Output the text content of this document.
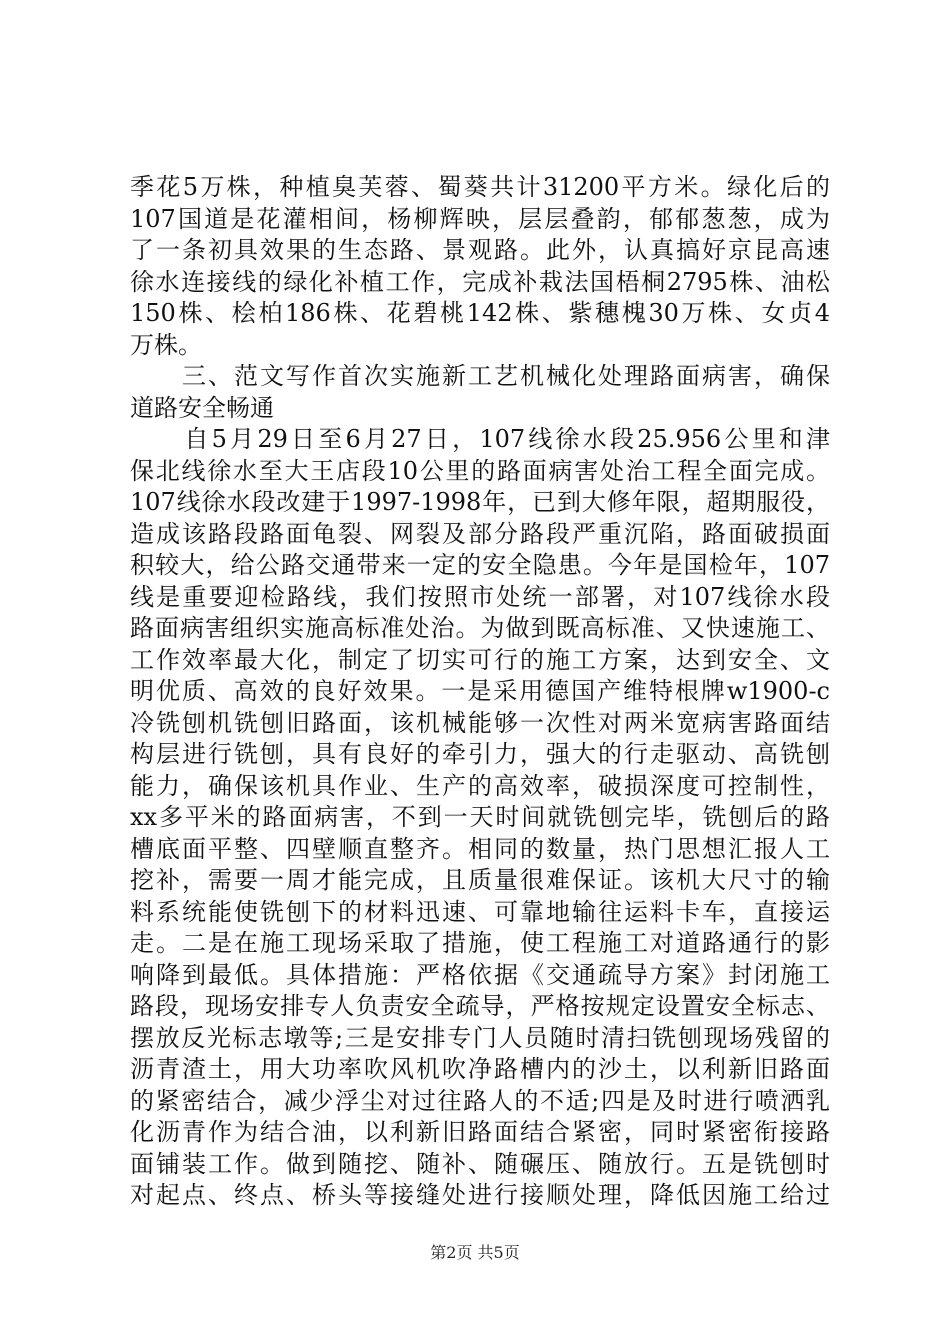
季花5万株，种植臭芙蓉、蜀葵共计31200平方米。绿化后的
107国道是花灌相间，杨柳辉映，层层叠韵，郁郁葱葱，成为
了一条初具效果的生态路、景观路。此外，认真搞好京昆高速
徐水连接线的绿化补植工作，完成补栽法国梧桐2795株、油松
150株、桧柏186株、花碧桃142株、紫穗槐30万株、女贞4
万株。
　　三、范文写作首次实施新工艺机械化处理路面病害，确保
道路安全畅通
　　自5月29日至6月27日，107线徐水段25.956公里和津
保北线徐水至大王店段10公里的路面病害处治工程全面完成。
107线徐水段改建于1997-1998年，已到大修年限，超期服役，
造成该路段路面龟裂、网裂及部分路段严重沉陷，路面破损面
积较大，给公路交通带来一定的安全隐患。今年是国检年，107
线是重要迎检路线，我们按照市处统一部署，对107线徐水段
路面病害组织实施高标准处治。为做到既高标准、又快速施工、
工作效率最大化，制定了切实可行的施工方案，达到安全、文
明优质、高效的良好效果。一是采用德国产维特根牌w1900-c
冷铣刨机铣刨旧路面，该机械能够一次性对两米宽病害路面结
构层进行铣刨，具有良好的牵引力，强大的行走驱动、高铣刨
能力，确保该机具作业、生产的高效率，破损深度可控制性，
xx多平米的路面病害，不到一天时间就铣刨完毕，铣刨后的路
槽底面平整、四壁顺直整齐。相同的数量，热门思想汇报人工
挖补，需要一周才能完成，且质量很难保证。该机大尺寸的输
料系统能使铣刨下的材料迅速、可靠地输往运料卡车，直接运
走。二是在施工现场采取了措施，使工程施工对道路通行的影
响降到最低。具体措施：严格依据《交通疏导方案》封闭施工
路段，现场安排专人负责安全疏导，严格按规定设置安全标志、
摆放反光标志墩等;三是安排专门人员随时清扫铣刨现场残留的
沥青渣土，用大功率吹风机吹净路槽内的沙土，以利新旧路面
的紧密结合，减少浮尘对过往路人的不适;四是及时进行喷洒乳
化沥青作为结合油，以利新旧路面结合紧密，同时紧密衔接路
面铺装工作。做到随挖、随补、随碾压、随放行。五是铣刨时
对起点、终点、桥头等接缝处进行接顺处理，降低因施工给过
第2页 共5页
